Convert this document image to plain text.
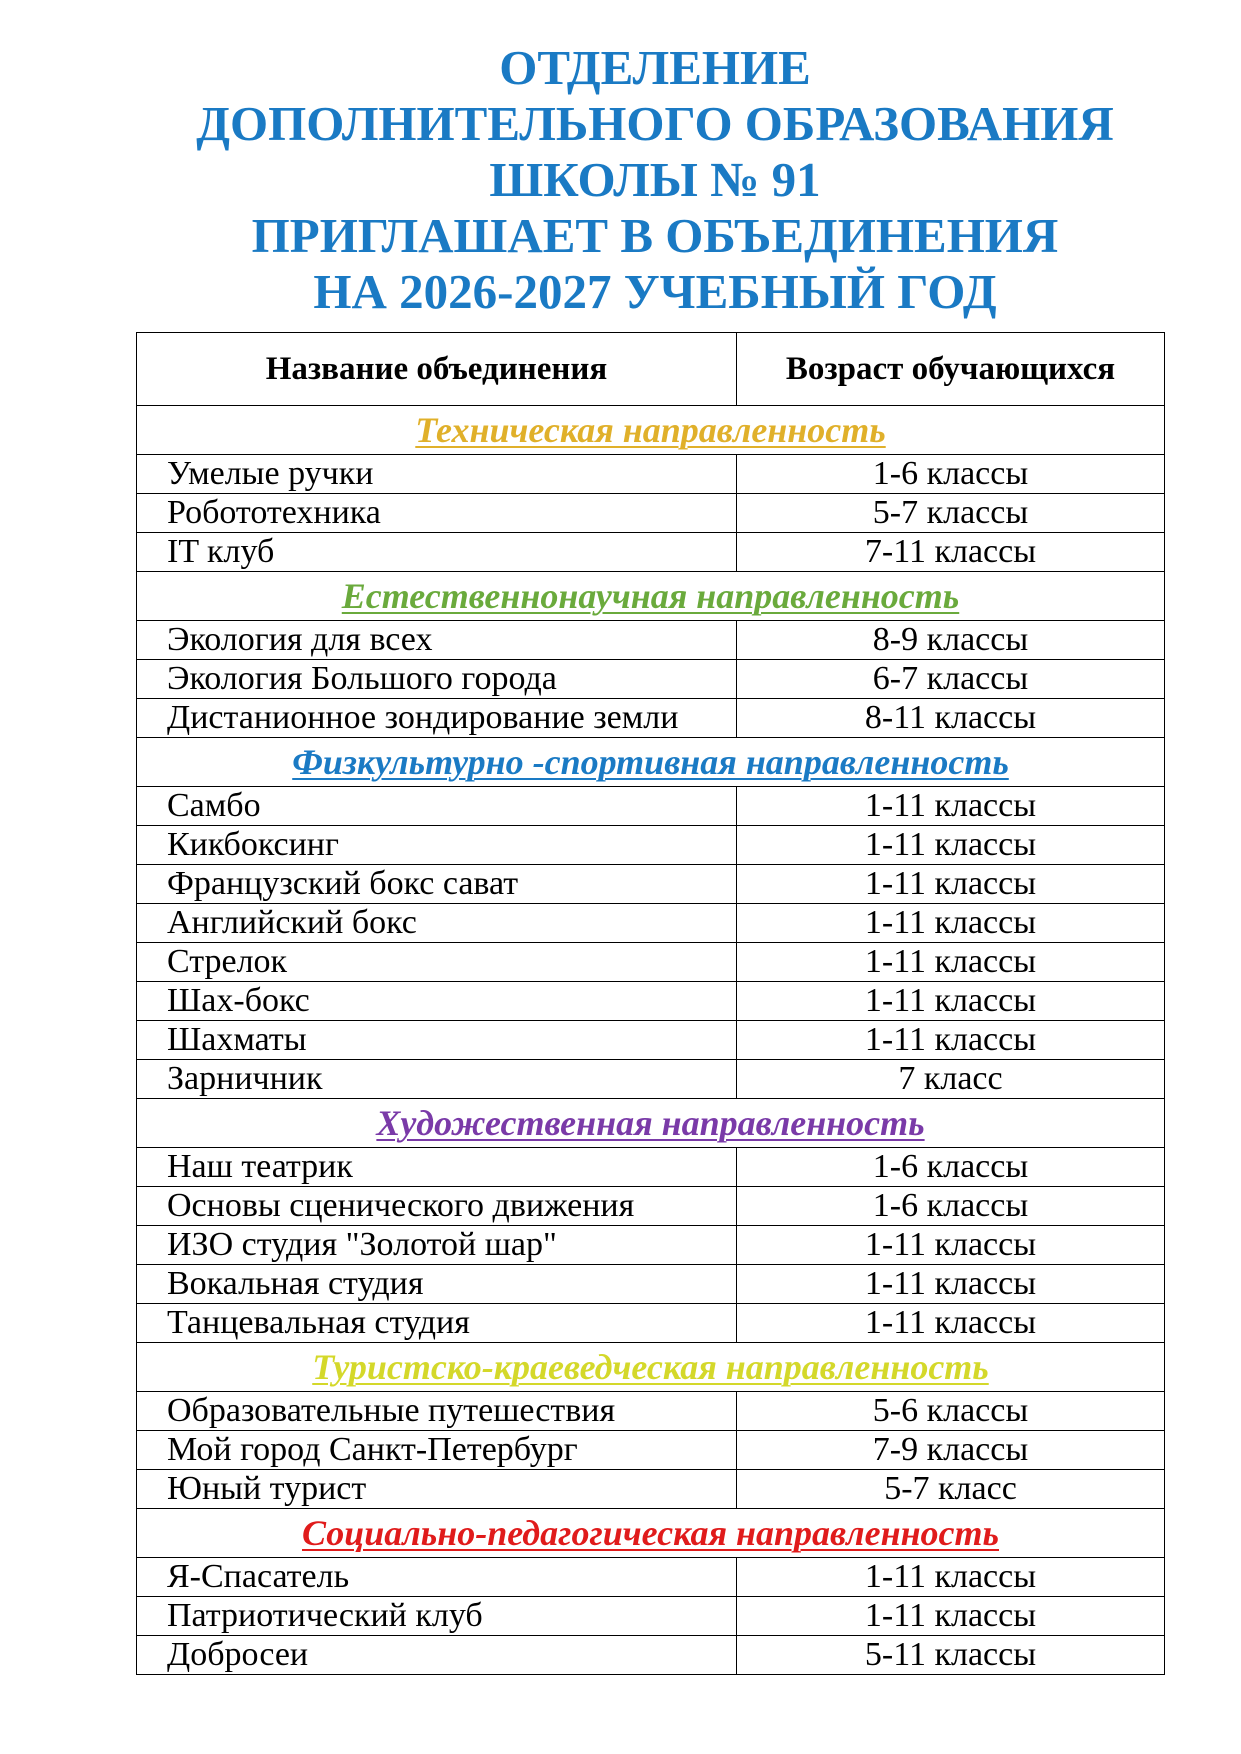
ОТДЕЛЕНИЕ
ДОПОЛНИТЕЛЬНОГО ОБРАЗОВАНИЯ
ШКОЛЫ № 91
ПРИГЛАШАЕТ В ОБЪЕДИНЕНИЯ
НА 2026-2027 УЧЕБНЫЙ ГОД
Название объединения	Возраст обучающихся
Техническая направленность	
Умелые ручки	1-6 классы
Робототехника	5-7 классы
IT клуб	7-11 классы
Естественнонаучная направленность	
Экология для всех	8-9 классы
Экология Большого города	6-7 классы
Дистанионное зондирование земли	8-11 классы
Физкультурно -спортивная направленность	
Самбо	1-11 классы
Кикбоксинг	1-11 классы
Французский бокс сават	1-11 классы
Английский бокс	1-11 классы
Стрелок	1-11 классы
Шах-бокс	1-11 классы
Шахматы	1-11 классы
Зарничник	7 класс
Художественная направленность	
Наш театрик	1-6 классы
Основы сценического движения	1-6 классы
ИЗО студия "Золотой шар"	1-11 классы
Вокальная студия	1-11 классы
Танцевальная студия	1-11 классы
Туристско-краеведческая направленность	
Образовательные путешествия	5-6 классы
Мой город Санкт-Петербург	7-9 классы
Юный турист	5-7 класс
Социально-педагогическая направленность	
Я-Спасатель	1-11 классы
Патриотический клуб	1-11 классы
Добросеи	5-11 классы
